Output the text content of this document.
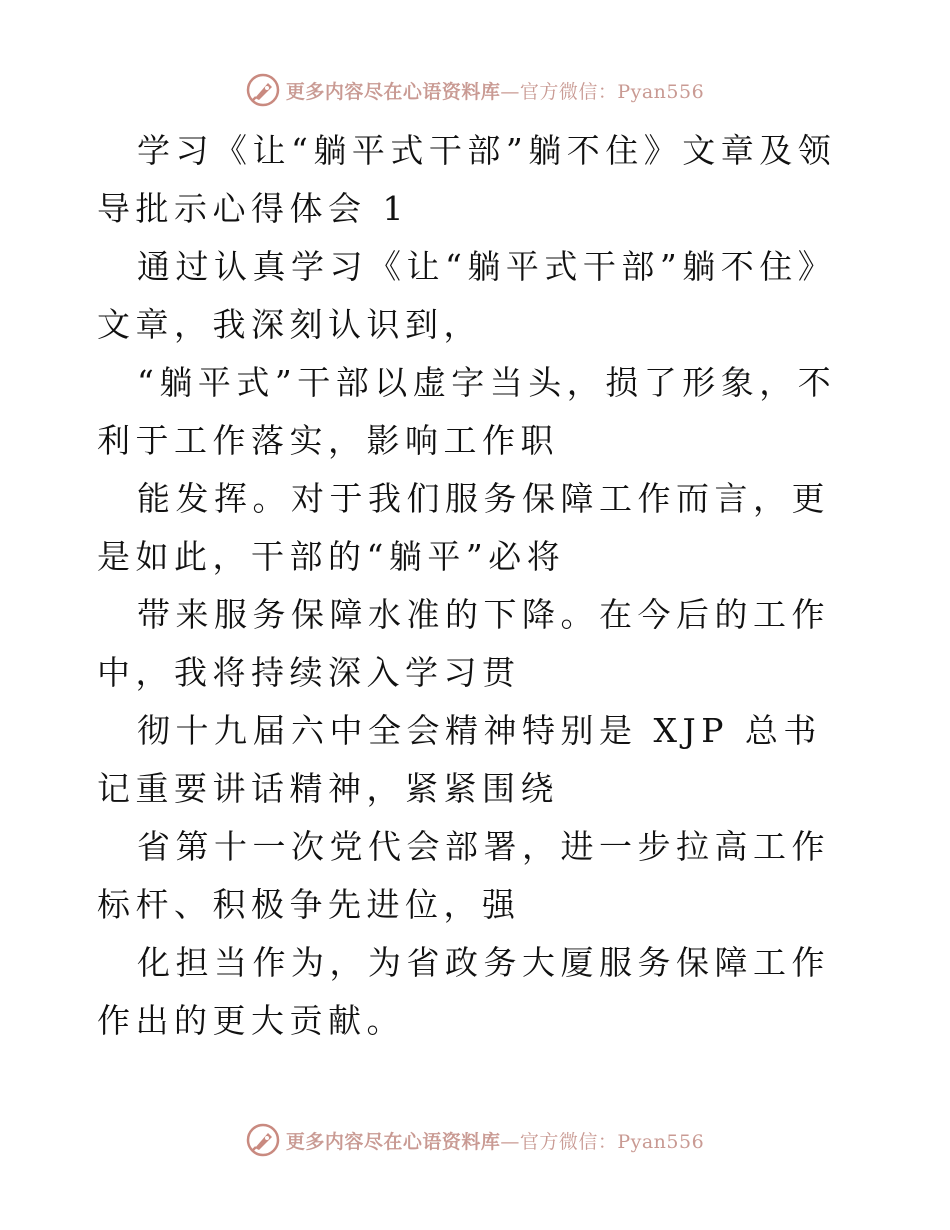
更多内容尽在心语资料库—官方微信：Pyan556

学习《让“躺平式干部”躺不住》文章及领导批示心得体会 1

通过认真学习《让“躺平式干部”躺不住》文章，我深刻认识到，

“躺平式”干部以虚字当头，损了形象，不利于工作落实，影响工作职

能发挥。对于我们服务保障工作而言，更是如此，干部的“躺平”必将

带来服务保障水准的下降。在今后的工作中，我将持续深入学习贯

彻十九届六中全会精神特别是 XJP 总书记重要讲话精神，紧紧围绕

省第十一次党代会部署，进一步拉高工作标杆、积极争先进位，强

化担当作为，为省政务大厦服务保障工作作出的更大贡献。

更多内容尽在心语资料库—官方微信：Pyan556
